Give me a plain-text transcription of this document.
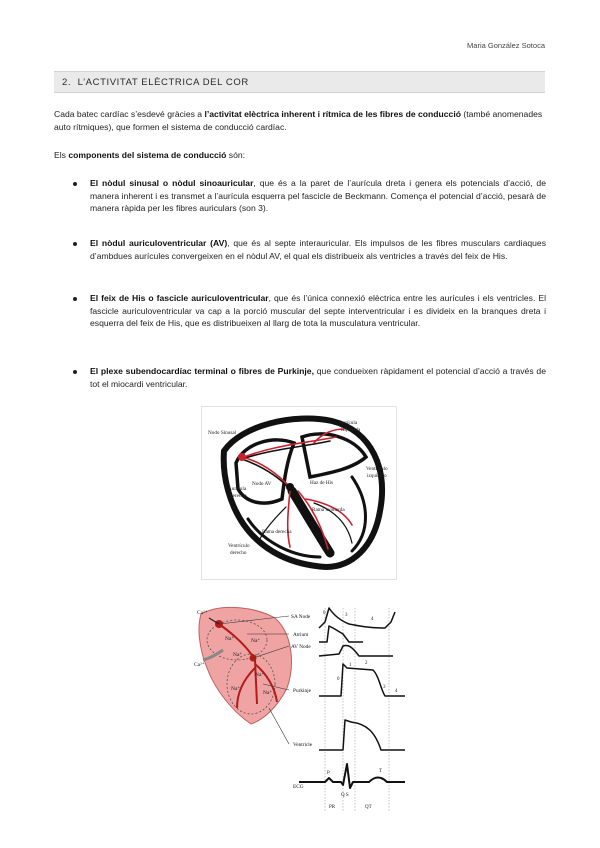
Maria González Sotoca
2. L’ACTIVITAT ELÈCTRICA DEL COR
Cada batec cardíac s’esdevé gràcies a l’activitat elèctrica inherent i rítmica de les fibres de conducció (també anomenades auto rítmiques), que formen el sistema de conducció cardíac.
Els components del sistema de conducció són:
El nòdul sinusal o nòdul sinoauricular, que és a la paret de l’aurícula dreta i genera els potencials d’acció, de manera inherent i es transmet a l’aurícula esquerra pel fascicle de Beckmann. Comença el potencial d’acció, pesarà de manera ràpida per les fibres auriculars (son 3).
El nòdul auriculoventricular (AV), que és al septe interauricular. Els impulsos de les fibres musculars cardiaques d’ambdues aurícules convergeixen en el nòdul AV, el qual els distribueix als ventricles a través del feix de His.
El feix de His o fascicle auriculoventricular, que és l’única connexió elèctrica entre les aurícules i els ventricles. El fascicle auriculoventricular va cap a la porció muscular del septe interventricular i es divideix en la branques dreta i esquerra del feix de His, que es distribueixen al llarg de tota la musculatura ventricular.
El plexe subendocardíac terminal o fibres de Purkinje, que condueixen ràpidament el potencial d’acció a través de tot el miocardi ventricular.
Nodo Sinusal
Aurícula
izquierda
Ventrículo
izquierdo
Nodo AV	Haz de His
Aurícula
derecho
Rama izquierda
Rama derecha
Ventrículo
derecho
Ca²⁺
Ca²⁺
Na⁺	Na⁺
Na⁺
Na⁺
Na⁺
Na⁺
SA Node
Atrium
AV Node
Purkinje
Ventricle
ECG
3
4
0
1	2
3
4
0
P	T
Q S
PR	QT
